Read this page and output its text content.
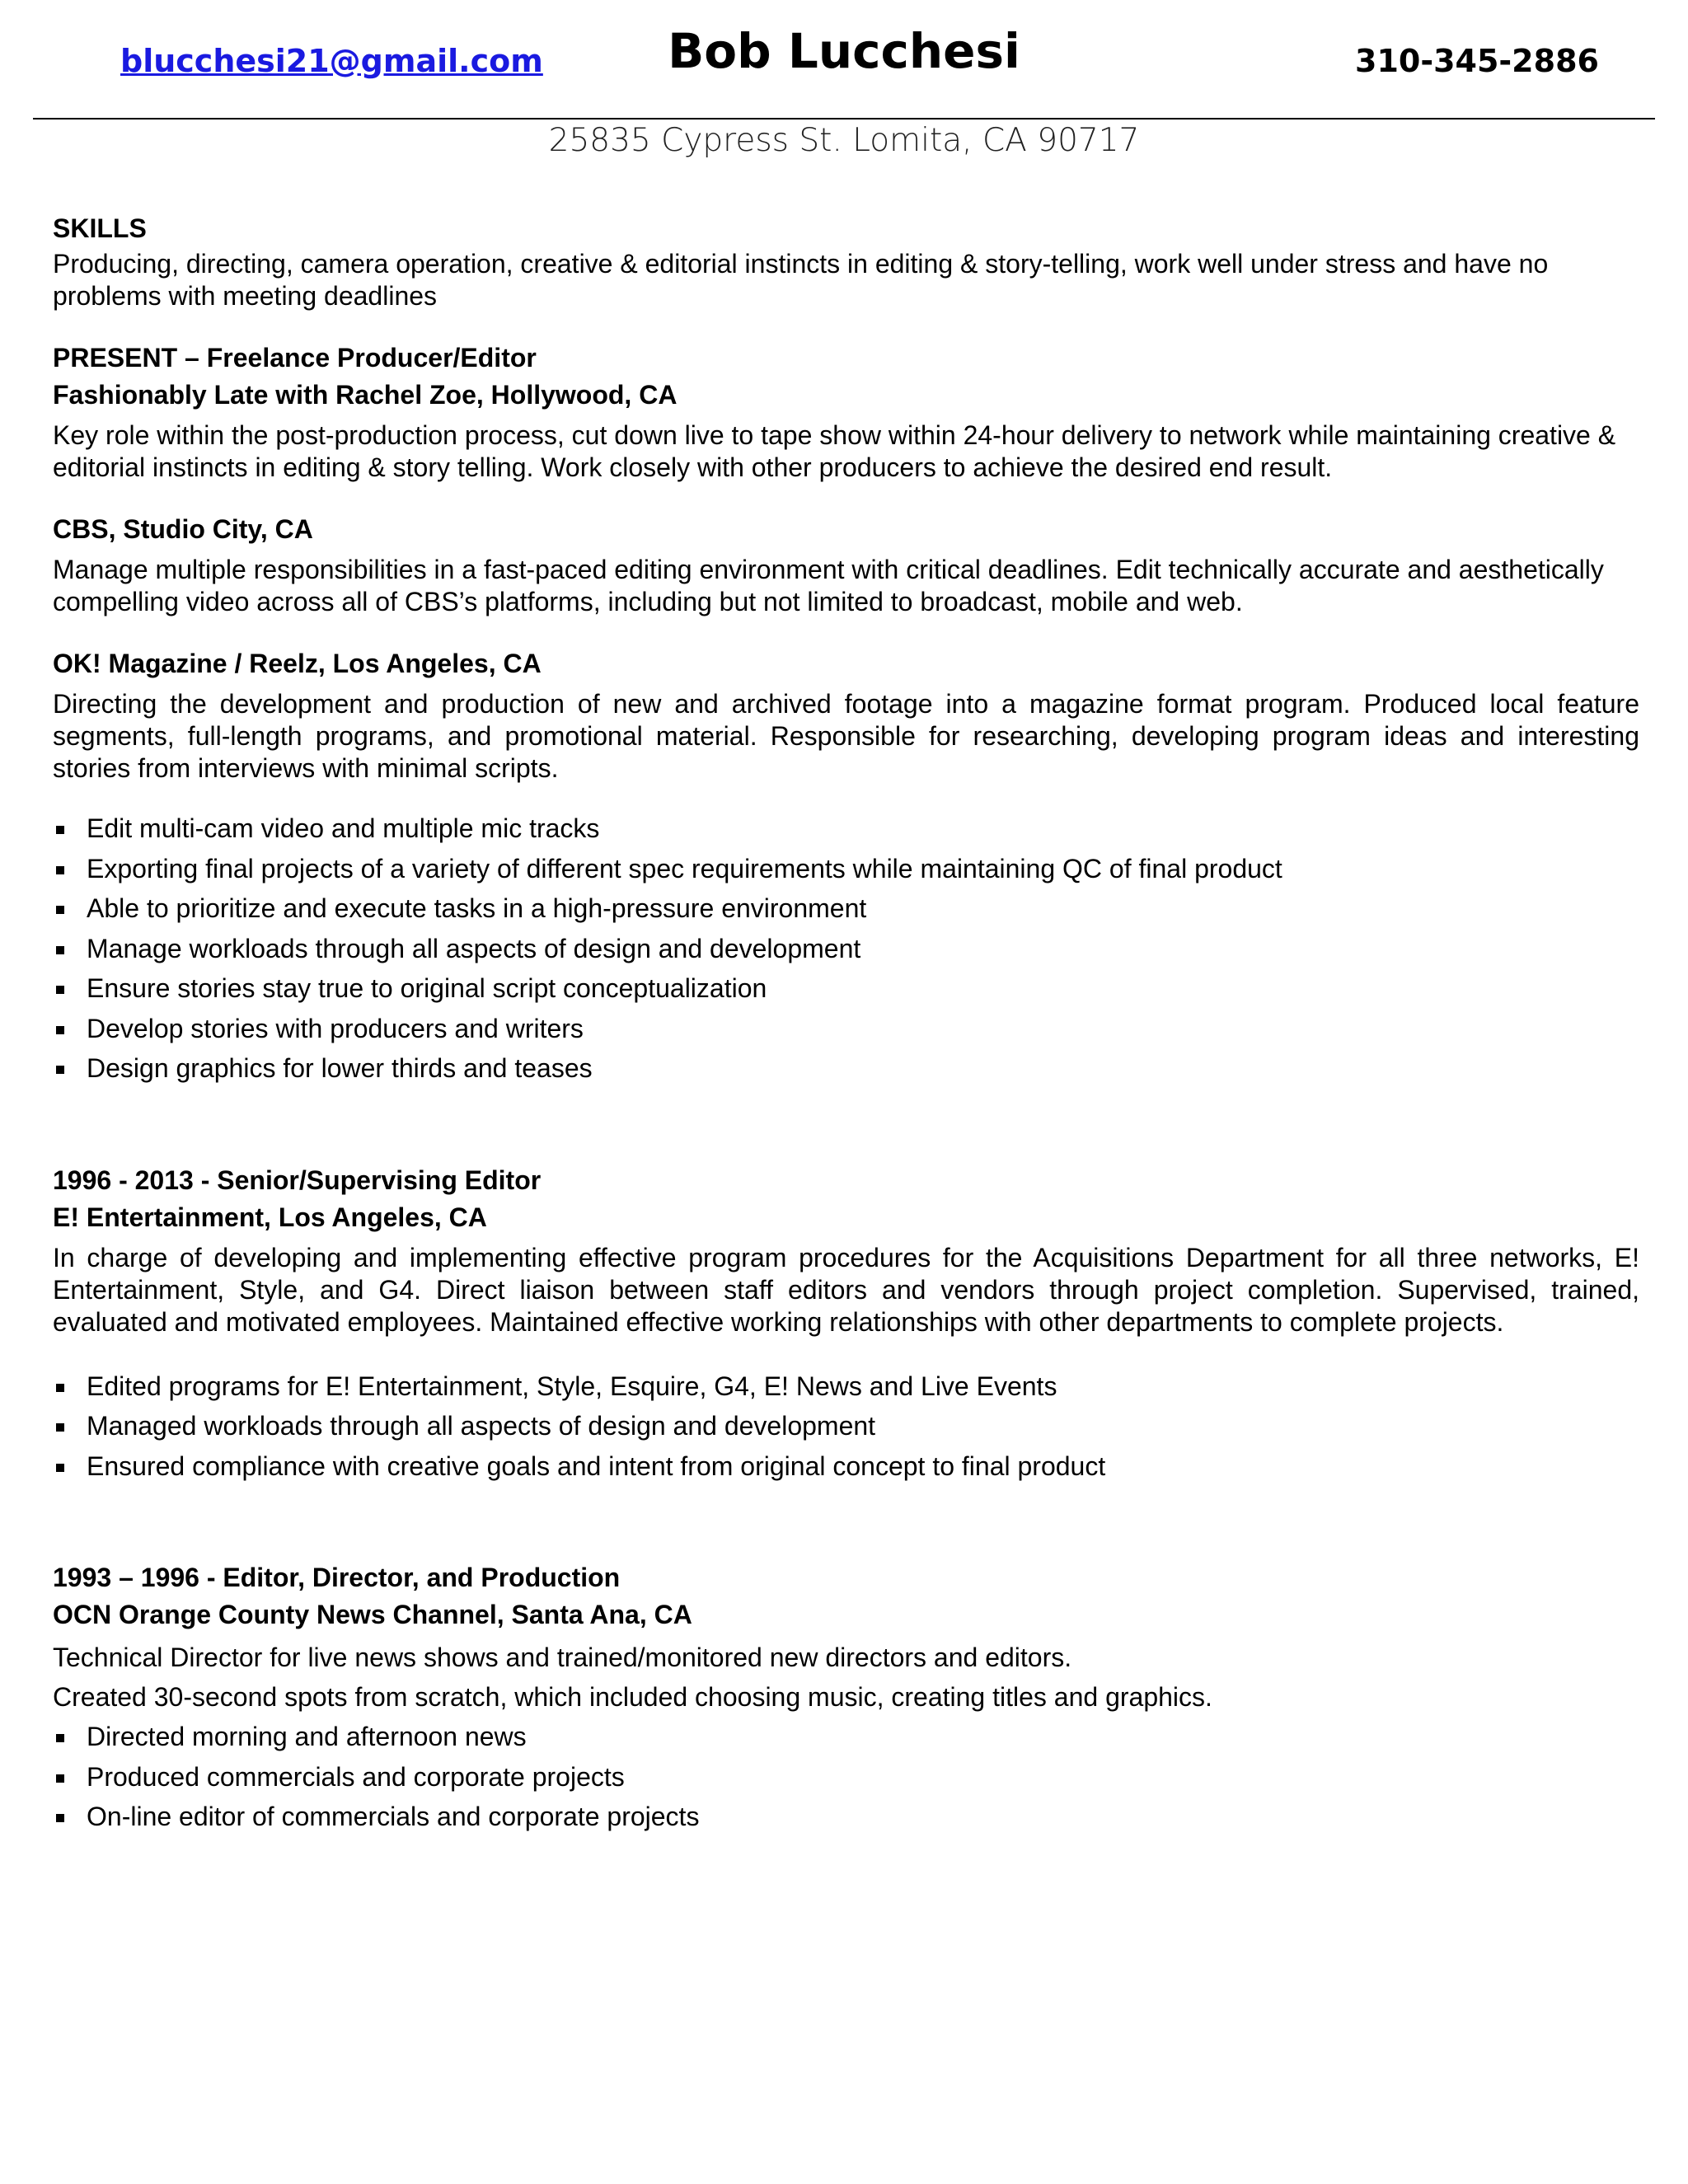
blucchesi21@gmail.com	Bob Lucchesi	310-345-2886
25835 Cypress St. Lomita, CA 90717

SKILLS

Producing, directing, camera operation, creative & editorial instincts in editing & story-telling, work well under stress and have no problems with meeting deadlines

PRESENT – Freelance Producer/Editor

Fashionably Late with Rachel Zoe, Hollywood, CA

Key role within the post-production process, cut down live to tape show within 24-hour delivery to network while maintaining creative & editorial instincts in editing & story telling. Work closely with other producers to achieve the desired end result.

CBS, Studio City, CA

Manage multiple responsibilities in a fast-paced editing environment with critical deadlines. Edit technically accurate and aesthetically compelling video across all of CBS’s platforms, including but not limited to broadcast, mobile and web.

OK! Magazine / Reelz, Los Angeles, CA

Directing the development and production of new and archived footage into a magazine format program. Produced local feature segments, full-length programs, and promotional material. Responsible for researching, developing program ideas and interesting stories from interviews with minimal scripts.

Edit multi-cam video and multiple mic tracks
Exporting final projects of a variety of different spec requirements while maintaining QC of final product
Able to prioritize and execute tasks in a high-pressure environment
Manage workloads through all aspects of design and development
Ensure stories stay true to original script conceptualization
Develop stories with producers and writers
Design graphics for lower thirds and teases

1996 - 2013 - Senior/Supervising Editor

E! Entertainment, Los Angeles, CA

In charge of developing and implementing effective program procedures for the Acquisitions Department for all three networks, E! Entertainment, Style, and G4. Direct liaison between staff editors and vendors through project completion. Supervised, trained, evaluated and motivated employees. Maintained effective working relationships with other departments to complete projects.

Edited programs for E! Entertainment, Style, Esquire, G4, E! News and Live Events
Managed workloads through all aspects of design and development
Ensured compliance with creative goals and intent from original concept to final product

1993 – 1996 - Editor, Director, and Production

OCN Orange County News Channel, Santa Ana, CA

Technical Director for live news shows and trained/monitored new directors and editors.

Created 30-second spots from scratch, which included choosing music, creating titles and graphics.

Directed morning and afternoon news
Produced commercials and corporate projects
On-line editor of commercials and corporate projects
